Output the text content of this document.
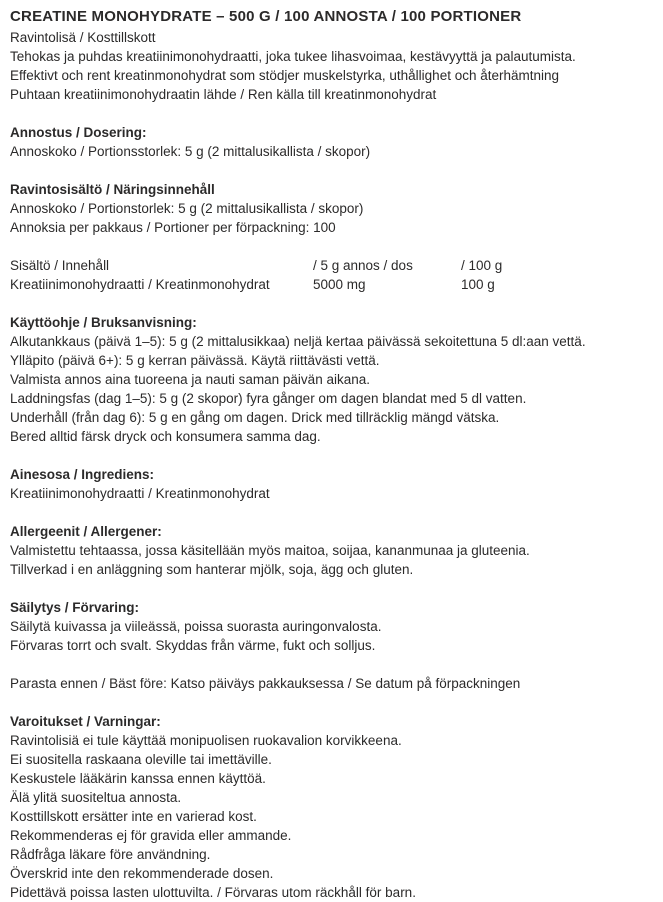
CREATINE MONOHYDRATE – 500 G / 100 ANNOSTA / 100 PORTIONER

Ravintolisä / Kosttillskott

Tehokas ja puhdas kreatiinimonohydraatti, joka tukee lihasvoimaa, kestävyyttä ja palautumista.

Effektivt och rent kreatinmonohydrat som stödjer muskelstyrka, uthållighet och återhämtning

Puhtaan kreatiinimonohydraatin lähde / Ren källa till kreatinmonohydrat

Annostus / Dosering:

Annoskoko / Portionsstorlek: 5 g (2 mittalusikallista / skopor)

Ravintosisältö / Näringsinnehåll

Annoskoko / Portionstorlek: 5 g (2 mittalusikallista / skopor)

Annoksia per pakkaus / Portioner per förpackning: 100

Sisältö / Innehåll	/ 5 g annos / dos	/ 100 g
Kreatiinimonohydraatti / Kreatinmonohydrat	5000 mg	100 g

Käyttöohje / Bruksanvisning:

Alkutankkaus (päivä 1–5): 5 g (2 mittalusikkaa) neljä kertaa päivässä sekoitettuna 5 dl:aan vettä.

Ylläpito (päivä 6+): 5 g kerran päivässä. Käytä riittävästi vettä.

Valmista annos aina tuoreena ja nauti saman päivän aikana.

Laddningsfas (dag 1–5): 5 g (2 skopor) fyra gånger om dagen blandat med 5 dl vatten.

Underhåll (från dag 6): 5 g en gång om dagen. Drick med tillräcklig mängd vätska.

Bered alltid färsk dryck och konsumera samma dag.

Ainesosa / Ingrediens:

Kreatiinimonohydraatti / Kreatinmonohydrat

Allergeenit / Allergener:

Valmistettu tehtaassa, jossa käsitellään myös maitoa, soijaa, kananmunaa ja gluteenia.

Tillverkad i en anläggning som hanterar mjölk, soja, ägg och gluten.

Säilytys / Förvaring:

Säilytä kuivassa ja viileässä, poissa suorasta auringonvalosta.

Förvaras torrt och svalt. Skyddas från värme, fukt och solljus.

Parasta ennen / Bäst före: Katso päiväys pakkauksessa / Se datum på förpackningen

Varoitukset / Varningar:

Ravintolisiä ei tule käyttää monipuolisen ruokavalion korvikkeena.

Ei suositella raskaana oleville tai imettäville.

Keskustele lääkärin kanssa ennen käyttöä.

Älä ylitä suositeltua annosta.

Kosttillskott ersätter inte en varierad kost.

Rekommenderas ej för gravida eller ammande.

Rådfråga läkare före användning.

Överskrid inte den rekommenderade dosen.

Pidettävä poissa lasten ulottuvilta. / Förvaras utom räckhåll för barn.
